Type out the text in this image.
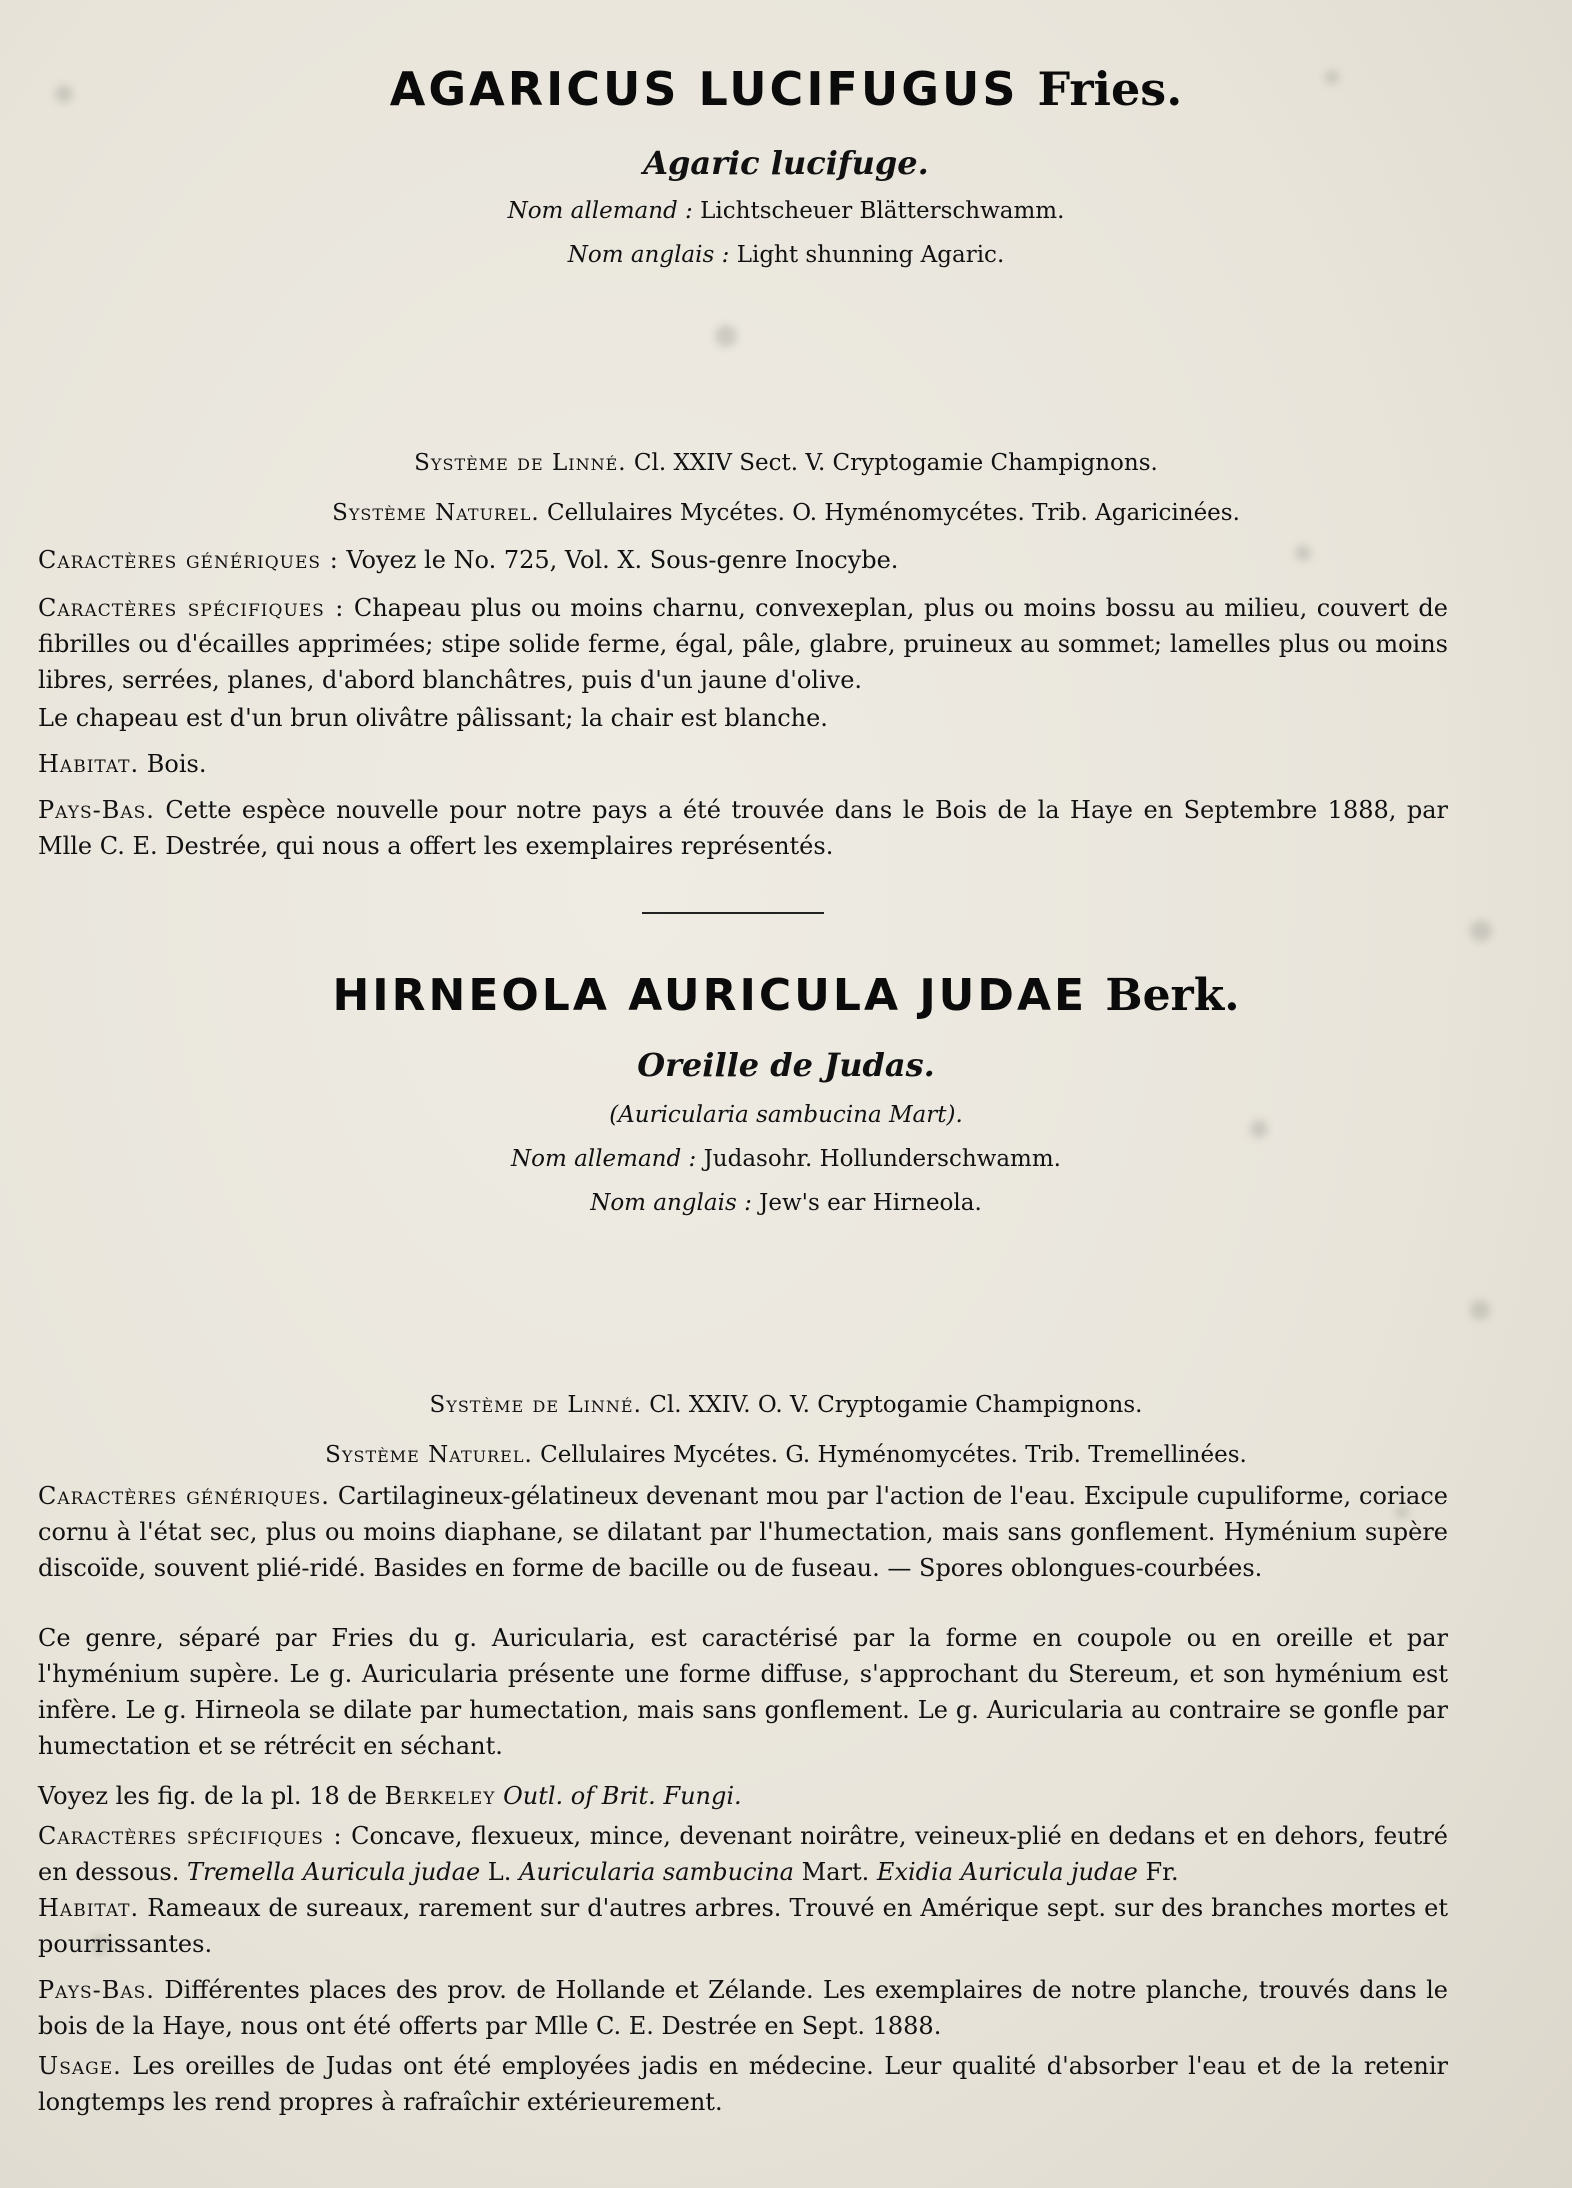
AGARICUS LUCIFUGUS Fries.
Agaric lucifuge.
Nom allemand : Lichtscheuer Blätterschwamm.
Nom anglais : Light shunning Agaric.
Système de Linné. Cl. XXIV Sect. V. Cryptogamie Champignons.
Système Naturel. Cellulaires Mycétes. O. Hyménomycétes. Trib. Agaricinées.
Caractères génériques : Voyez le No. 725, Vol. X. Sous-genre Inocybe.
Caractères spécifiques : Chapeau plus ou moins charnu, convexeplan, plus ou moins bossu au milieu, couvert de fibrilles ou d'écailles apprimées; stipe solide ferme, égal, pâle, glabre, pruineux au sommet; lamelles plus ou moins libres, serrées, planes, d'abord blanchâtres, puis d'un jaune d'olive.
Le chapeau est d'un brun olivâtre pâlissant; la chair est blanche.
Habitat. Bois.
Pays-Bas. Cette espèce nouvelle pour notre pays a été trouvée dans le Bois de la Haye en Septembre 1888, par Mlle C. E. Destrée, qui nous a offert les exemplaires représentés.
HIRNEOLA AURICULA JUDAE Berk.
Oreille de Judas.
(Auricularia sambucina Mart).
Nom allemand : Judasohr. Hollunderschwamm.
Nom anglais : Jew's ear Hirneola.
Système de Linné. Cl. XXIV. O. V. Cryptogamie Champignons.
Système Naturel. Cellulaires Mycétes. G. Hyménomycétes. Trib. Tremellinées.
Caractères génériques. Cartilagineux-gélatineux devenant mou par l'action de l'eau. Excipule cupuliforme, coriace cornu à l'état sec, plus ou moins diaphane, se dilatant par l'humectation, mais sans gonflement. Hyménium supère discoïde, souvent plié-ridé. Basides en forme de bacille ou de fuseau. — Spores oblongues-courbées.
Ce genre, séparé par Fries du g. Auricularia, est caractérisé par la forme en coupole ou en oreille et par l'hyménium supère. Le g. Auricularia présente une forme diffuse, s'approchant du Stereum, et son hyménium est infère. Le g. Hirneola se dilate par humectation, mais sans gonflement. Le g. Auricularia au contraire se gonfle par humectation et se rétrécit en séchant.
Voyez les fig. de la pl. 18 de Berkeley Outl. of Brit. Fungi.
Caractères spécifiques : Concave, flexueux, mince, devenant noirâtre, veineux-plié en dedans et en dehors, feutré en dessous. Tremella Auricula judae L. Auricularia sambucina Mart. Exidia Auricula judae Fr.
Habitat. Rameaux de sureaux, rarement sur d'autres arbres. Trouvé en Amérique sept. sur des branches mortes et pourrissantes.
Pays-Bas. Différentes places des prov. de Hollande et Zélande. Les exemplaires de notre planche, trouvés dans le bois de la Haye, nous ont été offerts par Mlle C. E. Destrée en Sept. 1888.
Usage. Les oreilles de Judas ont été employées jadis en médecine. Leur qualité d'absorber l'eau et de la retenir longtemps les rend propres à rafraîchir extérieurement.
